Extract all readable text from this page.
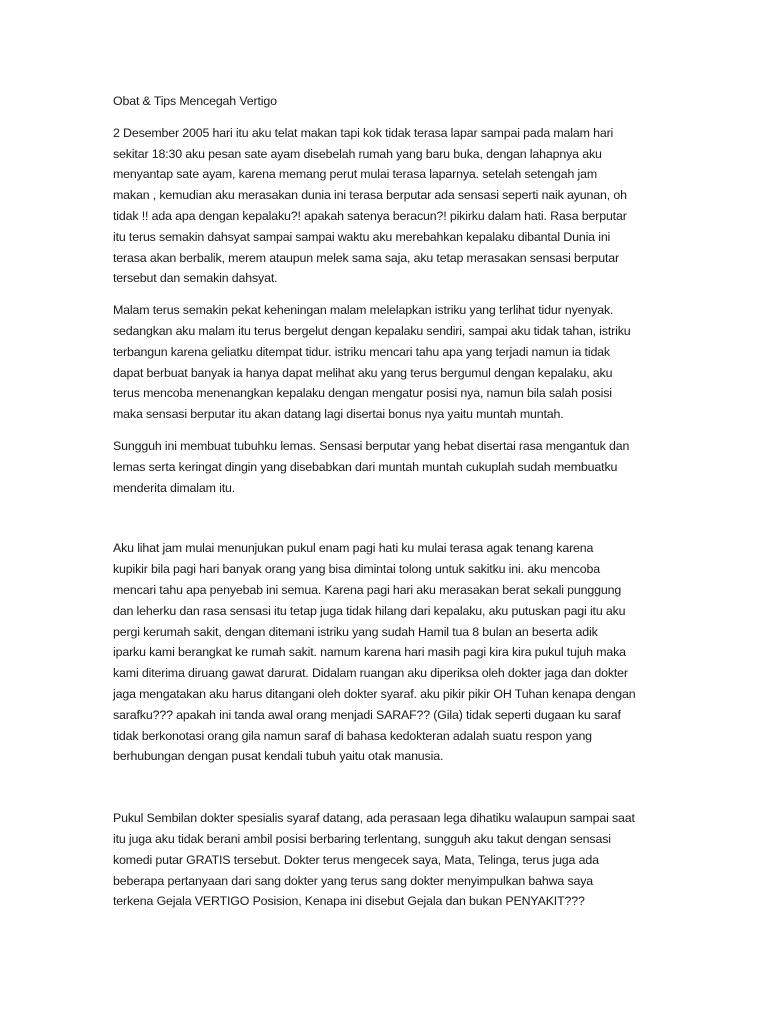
Obat & Tips Mencegah Vertigo
2 Desember 2005 hari itu aku telat makan tapi kok tidak terasa lapar sampai pada malam hari
sekitar 18:30 aku pesan sate ayam disebelah rumah yang baru buka, dengan lahapnya aku
menyantap sate ayam, karena memang perut mulai terasa laparnya. setelah setengah jam
makan , kemudian aku merasakan dunia ini terasa berputar ada sensasi seperti naik ayunan, oh
tidak !! ada apa dengan kepalaku?! apakah satenya beracun?! pikirku dalam hati. Rasa berputar
itu terus semakin dahsyat sampai sampai waktu aku merebahkan kepalaku dibantal Dunia ini
terasa akan berbalik, merem ataupun melek sama saja, aku tetap merasakan sensasi berputar
tersebut dan semakin dahsyat.
Malam terus semakin pekat keheningan malam melelapkan istriku yang terlihat tidur nyenyak.
sedangkan aku malam itu terus bergelut dengan kepalaku sendiri, sampai aku tidak tahan, istriku
terbangun karena geliatku ditempat tidur. istriku mencari tahu apa yang terjadi namun ia tidak
dapat berbuat banyak ia hanya dapat melihat aku yang terus bergumul dengan kepalaku, aku
terus mencoba menenangkan kepalaku dengan mengatur posisi nya, namun bila salah posisi
maka sensasi berputar itu akan datang lagi disertai bonus nya yaitu muntah muntah.
Sungguh ini membuat tubuhku lemas. Sensasi berputar yang hebat disertai rasa mengantuk dan
lemas serta keringat dingin yang disebabkan dari muntah muntah cukuplah sudah membuatku
menderita dimalam itu.
Aku lihat jam mulai menunjukan pukul enam pagi hati ku mulai terasa agak tenang karena
kupikir bila pagi hari banyak orang yang bisa dimintai tolong untuk sakitku ini. aku mencoba
mencari tahu apa penyebab ini semua. Karena pagi hari aku merasakan berat sekali punggung
dan leherku dan rasa sensasi itu tetap juga tidak hilang dari kepalaku, aku putuskan pagi itu aku
pergi kerumah sakit, dengan ditemani istriku yang sudah Hamil tua 8 bulan an beserta adik
iparku kami berangkat ke rumah sakit. namum karena hari masih pagi kira kira pukul tujuh maka
kami diterima diruang gawat darurat. Didalam ruangan aku diperiksa oleh dokter jaga dan dokter
jaga mengatakan aku harus ditangani oleh dokter syaraf. aku pikir pikir OH Tuhan kenapa dengan
sarafku??? apakah ini tanda awal orang menjadi SARAF?? (Gila) tidak seperti dugaan ku saraf
tidak berkonotasi orang gila namun saraf di bahasa kedokteran adalah suatu respon yang
berhubungan dengan pusat kendali tubuh yaitu otak manusia.
Pukul Sembilan dokter spesialis syaraf datang, ada perasaan lega dihatiku walaupun sampai saat
itu juga aku tidak berani ambil posisi berbaring terlentang, sungguh aku takut dengan sensasi
komedi putar GRATIS tersebut. Dokter terus mengecek saya, Mata, Telinga, terus juga ada
beberapa pertanyaan dari sang dokter yang terus sang dokter menyimpulkan bahwa saya
terkena Gejala VERTIGO Posision, Kenapa ini disebut Gejala dan bukan PENYAKIT???
